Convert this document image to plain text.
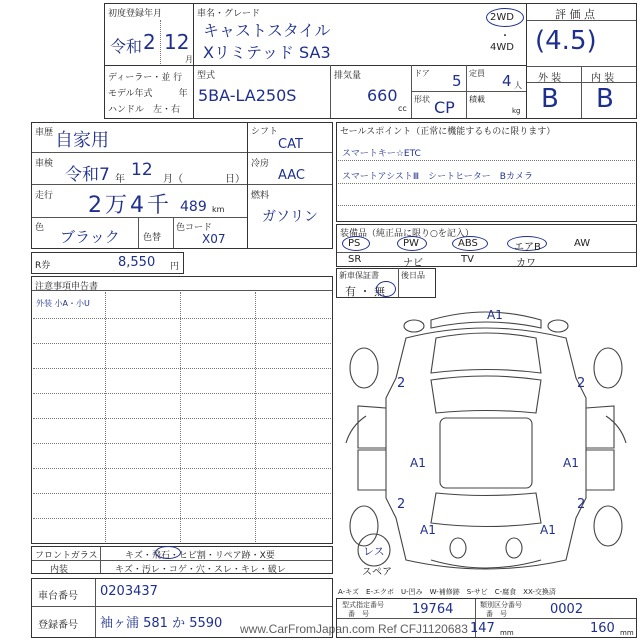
初度登録年月
令和 2 12
月
車名・グレード
キャストスタイル
Xリミテッド SA3
2WD
・
4WD
評 価 点
(4.5)
外 装	内 装
B B
ディーラー・並 行
モデル年式	年
ハンドル　左・右
型式
5BA-LA250S
排気量
660
cc
ドア 5 定員 4 人
形状 CP 積載
kg
車歴 自家用
車検
令和7 年 12 月（	日）
走行 2万4千 489 km
色 ブラック	色替
色コード
X07
シフト
CAT
冷房
AAC
燃料
ガソリン
セールスポイント（正常に機能するものに限ります）
スマートキー☆ETC
スマートアシストⅢ　シートヒーター　Bカメラ
装備品（純正品に限り○を記入）
PS	PW	ABS	エアB	AW
SR	ナビ	TV	カワ
R券	8,550 円
新車保証書
有 ・ 無
後日品
注意事項申告書
外装 小A・小U
A1
2	2
A1	A1
2	2
A1	A1
レス
スペア
フロントガラス	キズ・飛石・ヒビ割・リペア跡・X要
内装	キズ・汚レ・コゲ・穴・スレ・キレ・破レ
A-キズ　E-エクボ　U-凹み　W-補修跡　S-サビ　C-腐食　XX-交換済
車台番号 0203437
登録番号 袖ヶ浦 581 か 5590
型式指定番号
番　号	19764	類別区分番号
番　号	0002
147 mm	160 mm
www.CarFromJapan.com Ref CFJ1120683
